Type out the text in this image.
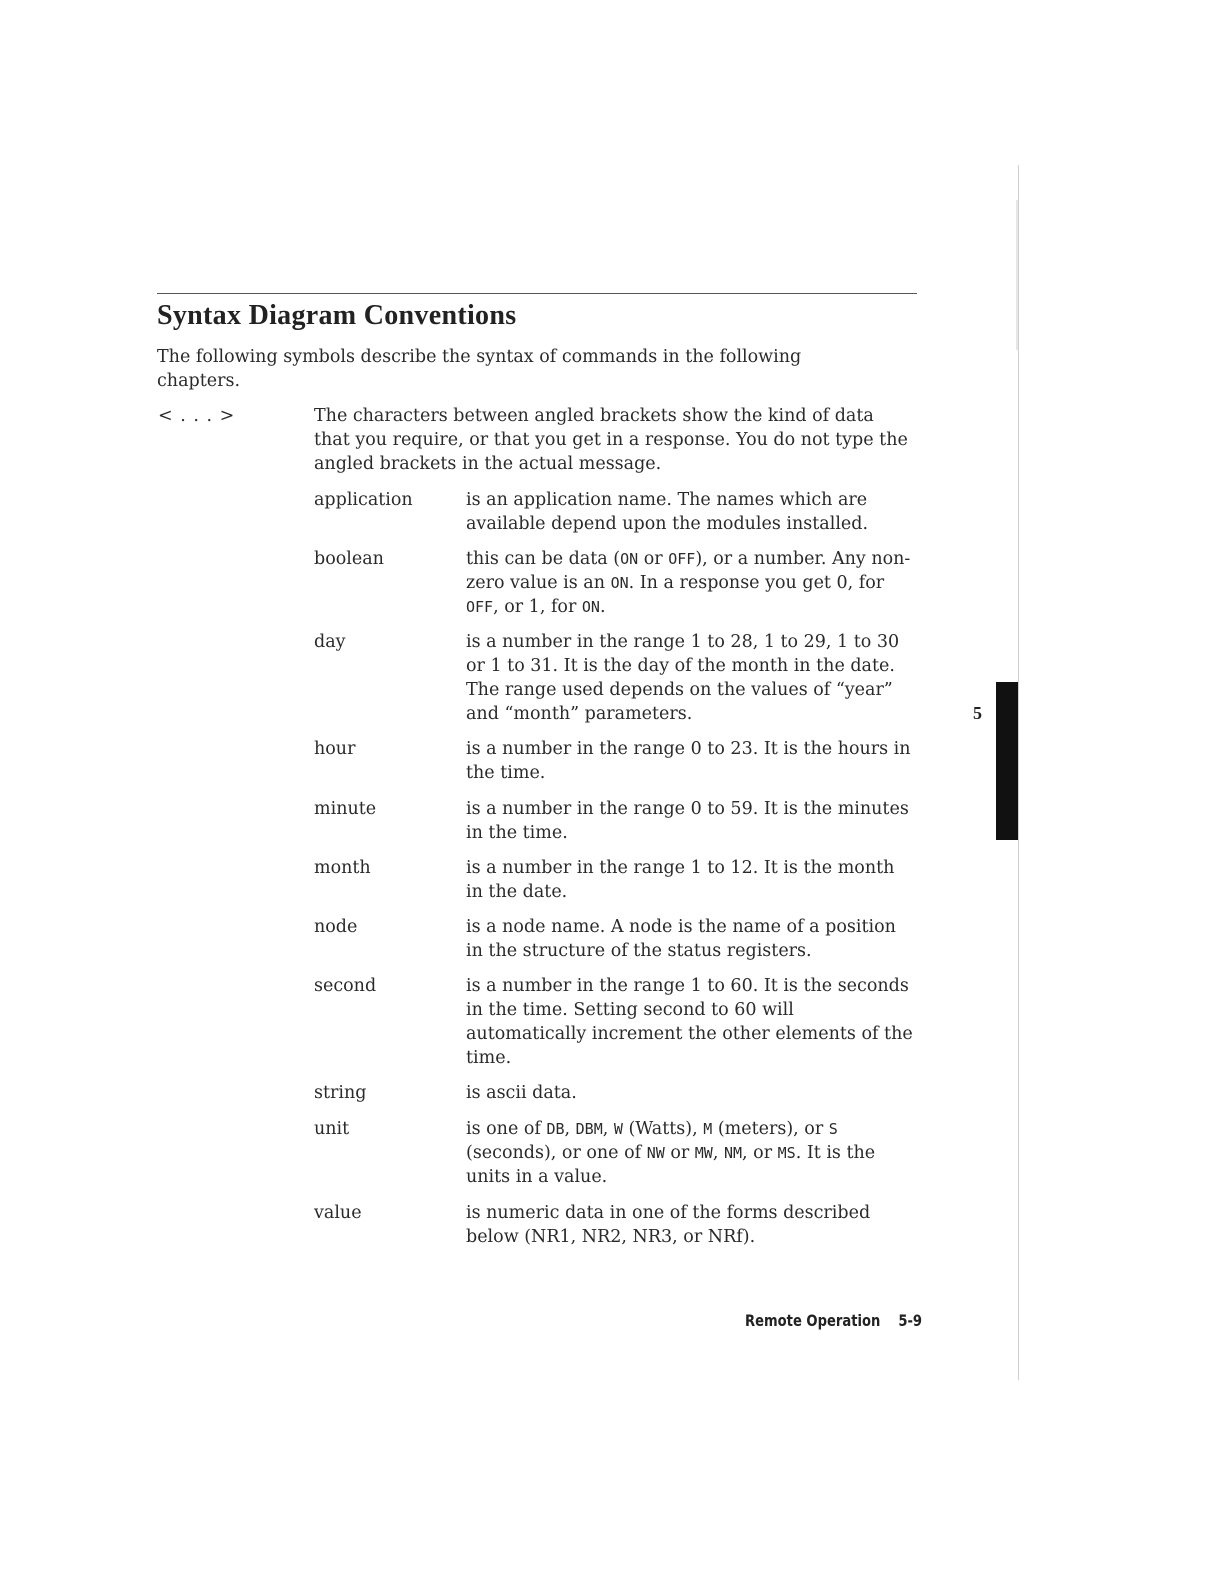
Syntax Diagram Conventions

The following symbols describe the syntax of commands in the following chapters.

< . . . >	The characters between angled brackets show the kind of data that you require, or that you get in a response. You do not type the angled brackets in the actual message.

application	is an application name. The names which are available depend upon the modules installed.
boolean	this can be data (ON or OFF), or a number. Any non- zero value is an ON. In a response you get 0, for OFF, or 1, for ON.
day	is a number in the range 1 to 28, 1 to 29, 1 to 30 or 1 to 31. It is the day of the month in the date. The range used depends on the values of “year” and “month” parameters.
hour	is a number in the range 0 to 23. It is the hours in the time.
minute	is a number in the range 0 to 59. It is the minutes in the time.
month	is a number in the range 1 to 12. It is the month in the date.
node	is a node name. A node is the name of a position in the structure of the status registers.
second	is a number in the range 1 to 60. It is the seconds in the time. Setting second to 60 will automatically increment the other elements of the time.
string	is ascii data.
unit	is one of DB, DBM, W (Watts), M (meters), or S (seconds), or one of NW or MW, NM, or MS. It is the units in a value.
value	is numeric data in one of the forms described below (NR1, NR2, NR3, or NRf).
Remote Operation 5-9
5
